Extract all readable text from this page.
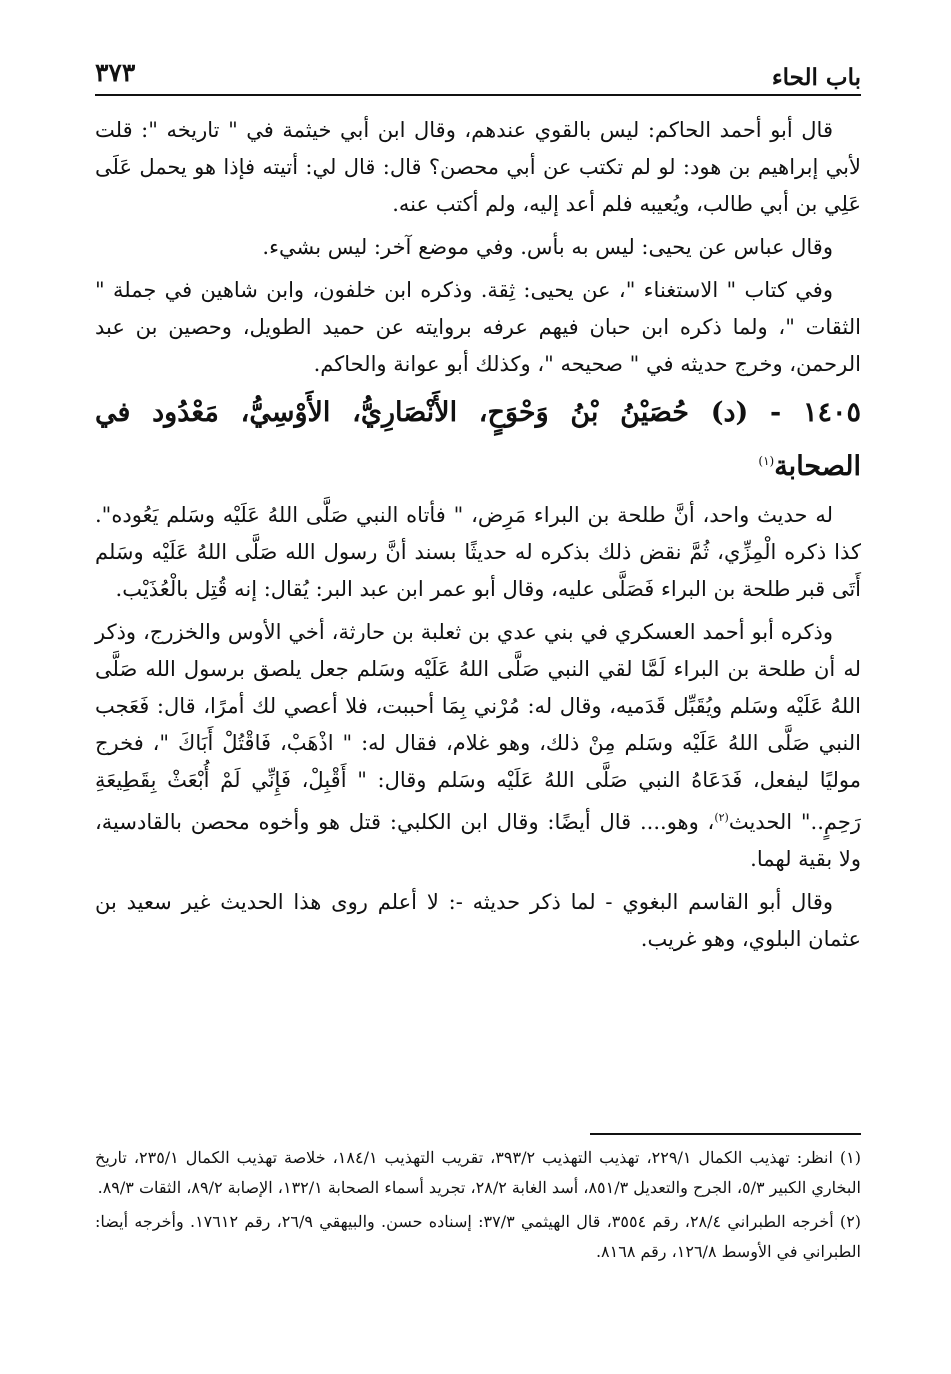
باب الحاء
٣٧٣

قال أبو أحمد الحاكم: ليس بالقوي عندهم، وقال ابن أبي خيثمة في " تاريخه ": قلت لأبي إبراهيم بن هود: لو لم تكتب عن أبي محصن؟ قال: قال لي: أتيته فإذا هو يحمل عَلَى عَلِي بن أبي طالب، ويُعيبه فلم أعد إليه، ولم أكتب عنه.

وقال عباس عن يحيى: ليس به بأس. وفي موضع آخر: ليس بشيء.

وفي كتاب " الاستغناء "، عن يحيى: ثِقة. وذكره ابن خلفون، وابن شاهين في جملة " الثقات "، ولما ذكره ابن حبان فيهم عرفه بروايته عن حميد الطويل، وحصين بن عبد الرحمن، وخرج حديثه في " صحيحه "، وكذلك أبو عوانة والحاكم.

١٤٠٥ - (د) حُصَيْنُ بْنُ وَحْوَحٍ، الأَنْصَارِيُّ، الأَوْسِيُّ، مَعْدُود في الصحابة$^{(١)}$

له حديث واحد، أنَّ طلحة بن البراء مَرِض، " فأتاه النبي صَلَّى اللهُ عَلَيْه وسَلم يَعُوده". كذا ذكره الْمِزِّي، ثُمَّ نقض ذلك بذكره له حديثًا بسند أنَّ رسول الله صَلَّى اللهُ عَلَيْه وسَلم أَتَى قبر طلحة بن البراء فَصَلَّى عليه، وقال أبو عمر ابن عبد البر: يُقال: إنه قُتِل بالْعُذَيْب.

وذكره أبو أحمد العسكري في بني عدي بن ثعلبة بن حارثة، أخي الأوس والخزرج، وذكر له أن طلحة بن البراء لَمَّا لقي النبي صَلَّى اللهُ عَلَيْه وسَلم جعل يلصق برسول الله صَلَّى اللهُ عَلَيْه وسَلم ويُقَبِّل قَدَميه، وقال له: مُرْني بِمَا أحببت، فلا أعصي لك أمرًا، قال: فَعَجب النبي صَلَّى اللهُ عَلَيْه وسَلم مِنْ ذلك، وهو غلام، فقال له: " اذْهَبْ، فَاقْتُلْ أَبَاكَ "، فخرج موليًا ليفعل، فَدَعَاهُ النبي صَلَّى اللهُ عَلَيْه وسَلم وقال: " أَقْبِلْ، فَإِنِّي لَمْ أُبْعَثْ بِقَطِيعَةِ رَحِمٍ.." الحديث$^{(٢)}$، وهو.... قال أيضًا: وقال ابن الكلبي: قتل هو وأخوه محصن بالقادسية، ولا بقية لهما.

وقال أبو القاسم البغوي - لما ذكر حديثه -: لا أعلم روى هذا الحديث غير سعيد بن عثمان البلوي، وهو غريب.

(١) انظر: تهذيب الكمال ٢٢٩/١، تهذيب التهذيب ٣٩٣/٢، تقريب التهذيب ١٨٤/١، خلاصة تهذيب الكمال ٢٣٥/١، تاريخ البخاري الكبير ٥/٣، الجرح والتعديل ٨٥١/٣، أسد الغابة ٢٨/٢، تجريد أسماء الصحابة ١٣٢/١، الإصابة ٨٩/٢، الثقات ٨٩/٣.

(٢) أخرجه الطبراني ٢٨/٤، رقم ٣٥٥٤، قال الهيثمي ٣٧/٣: إسناده حسن. والبيهقي ٢٦/٩، رقم ١٧٦١٢. وأخرجه أيضا: الطبراني في الأوسط ١٢٦/٨، رقم ٨١٦٨.
